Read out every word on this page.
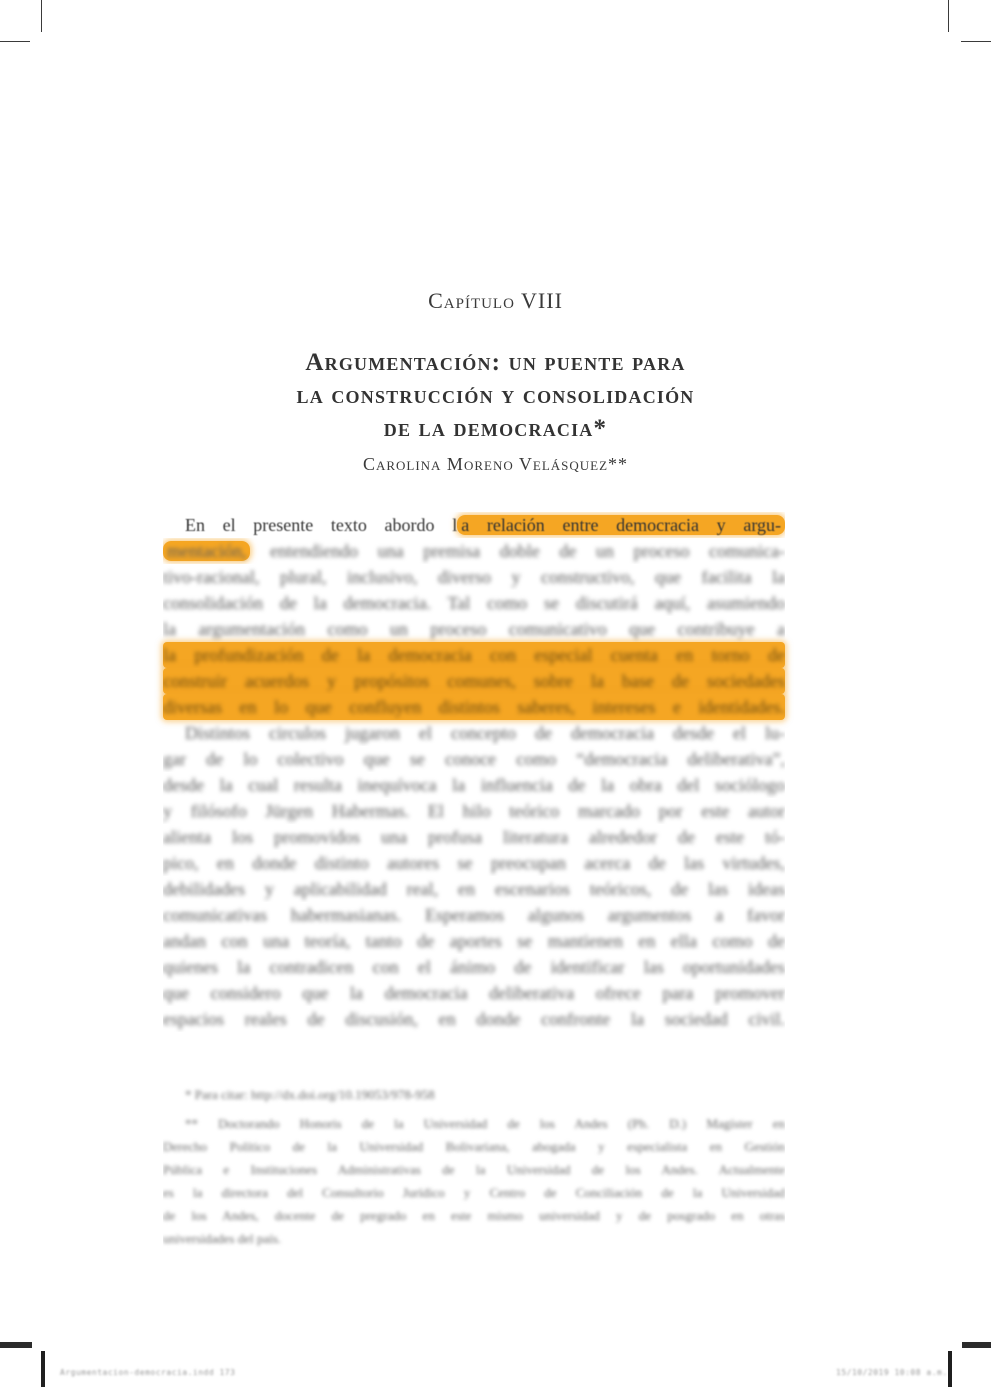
Argumentacion-democracia.indd 173	15/10/2019 10:08 a.m.
Capítulo VIII
Argumentación: un puente para
la construcción y consolidación
de la democracia*
Carolina Moreno Velásquez**
En el presente texto abordo l a relación entre democracia y argu-
mentación, entendiendo una premisa doble de un proceso comunica-
tivo-racional, plural, inclusivo, diverso y constructivo, que facilita la
consolidación de la democracia. Tal como se discutirá aquí, asumiendo
la argumentación como un proceso comunicativo que contribuye a
la profundización de la democracia con especial cuenta en torno de
construir acuerdos y propósitos comunes, sobre la base de sociedades
diversas en lo que confluyen distintos saberes, intereses e identidades.
Distintos circulos jugaron el concepto de democracia desde el lu-
gar de lo colectivo que se conoce como “democracia deliberativa”,
desde la cual resulta inequívoca la influencia de la obra del sociólogo
y filósofo Jürgen Habermas. El hilo teórico marcado por este autor
alienta los promovidos una profusa literatura alrededor de este tó-
pico, en donde distinto autores se preocupan acerca de las virtudes,
debilidades y aplicabilidad real, en escenarios teóricos, de las ideas
comunicativas habermasianas. Esperamos algunos argumentos a favor
andan con una teoría, tanto de aportes se mantienen en ella como de
quienes la contradicen con el ánimo de identificar las oportunidades
que considero que la democracia deliberativa ofrece para promover
espacios reales de discusión, en donde confronte la sociedad civil.
* Para citar: http://dx.doi.org/10.19053/978-958
** Doctorando Honoris de la Universidad de los Andes (Ph. D.) Magíster en
Derecho Político de la Universidad Bolivariana, abogada y especialista en Gestión
Pública e Instituciones Administrativas de la Universidad de los Andes. Actualmente
es la directora del Consultorio Jurídico y Centro de Conciliación de la Universidad
de los Andes, docente de pregrado en este mismo universidad y de posgrado en otras
universidades del país.
